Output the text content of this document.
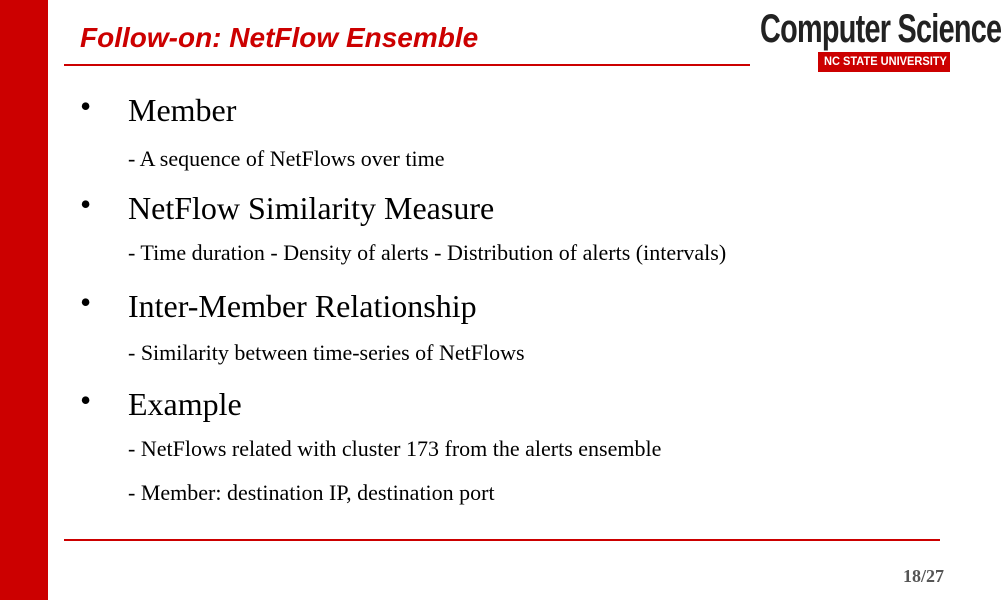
Follow-on: NetFlow Ensemble	Computer Science
NC STATE UNIVERSITY
• Member
- A sequence of NetFlows over time
• NetFlow Similarity Measure
- Time duration - Density of alerts - Distribution of alerts (intervals)
• Inter-Member Relationship
- Similarity between time-series of NetFlows
• Example
- NetFlows related with cluster 173 from the alerts ensemble
- Member: destination IP, destination port
18/27
